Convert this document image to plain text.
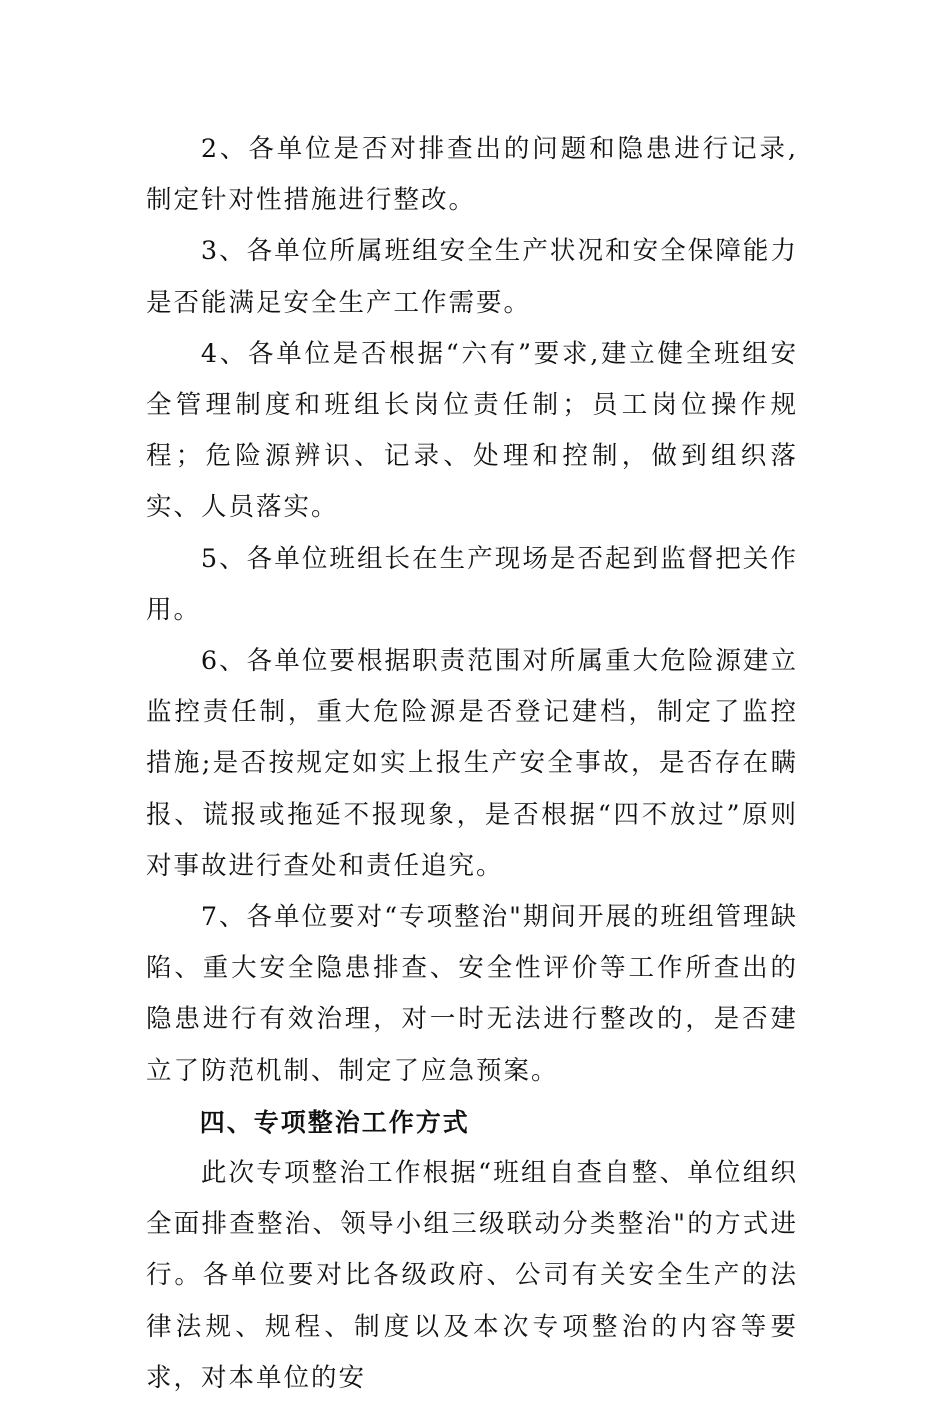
2、各单位是否对排查出的问题和隐患进行记录,制定针对性措施进行整改。

3、各单位所属班组安全生产状况和安全保障能力是否能满足安全生产工作需要。

4、各单位是否根据“六有”要求,建立健全班组安全管理制度和班组长岗位责任制；员工岗位操作规程；危险源辨识、记录、处理和控制，做到组织落实、人员落实。

5、各单位班组长在生产现场是否起到监督把关作用。

6、各单位要根据职责范围对所属重大危险源建立监控责任制，重大危险源是否登记建档，制定了监控措施;是否按规定如实上报生产安全事故，是否存在瞒报、谎报或拖延不报现象，是否根据“四不放过”原则对事故进行查处和责任追究。

7、各单位要对“专项整治"期间开展的班组管理缺陷、重大安全隐患排查、安全性评价等工作所查出的隐患进行有效治理，对一时无法进行整改的，是否建立了防范机制、制定了应急预案。

四、专项整治工作方式

此次专项整治工作根据“班组自查自整、单位组织全面排查整治、领导小组三级联动分类整治"的方式进行。各单位要对比各级政府、公司有关安全生产的法律法规、规程、制度以及本次专项整治的内容等要求，对本单位的安
